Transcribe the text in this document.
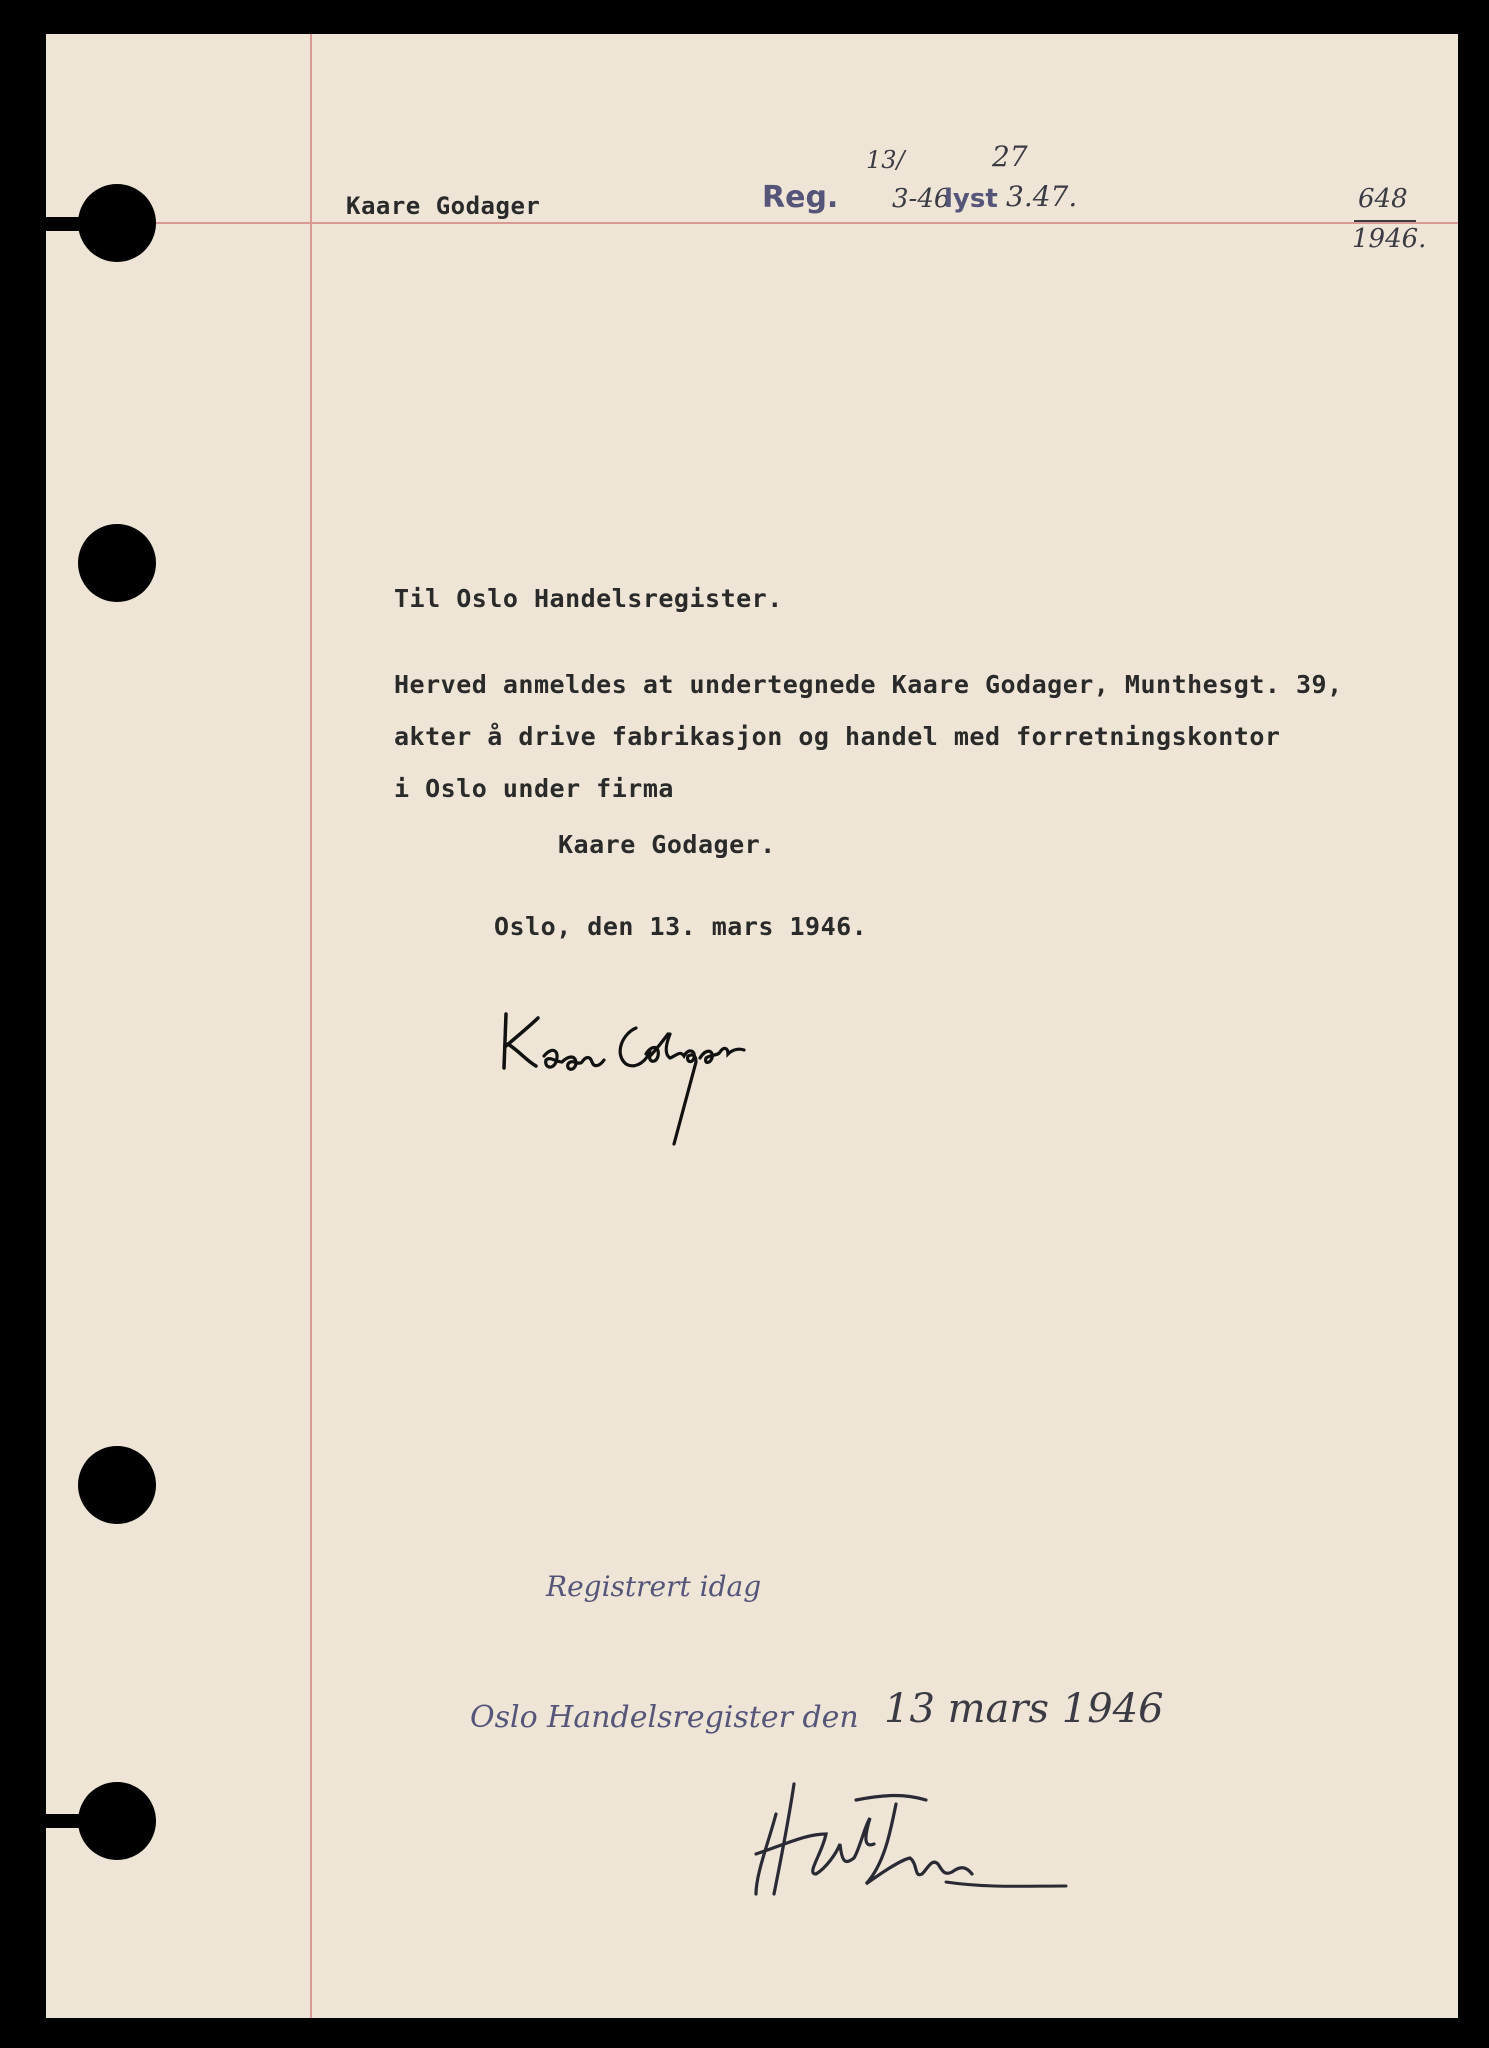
Kaare Godager	Reg.
13/
3-46
lyst
27
3.47.	648
1946.
Til Oslo Handelsregister.
Herved anmeldes at undertegnede Kaare Godager, Munthesgt. 39,
akter å drive fabrikasjon og handel med forretningskontor
i Oslo under firma
Kaare Godager.
Oslo, den 13. mars 1946.
Registrert idag
Oslo Handelsregister den 13 mars 1946
